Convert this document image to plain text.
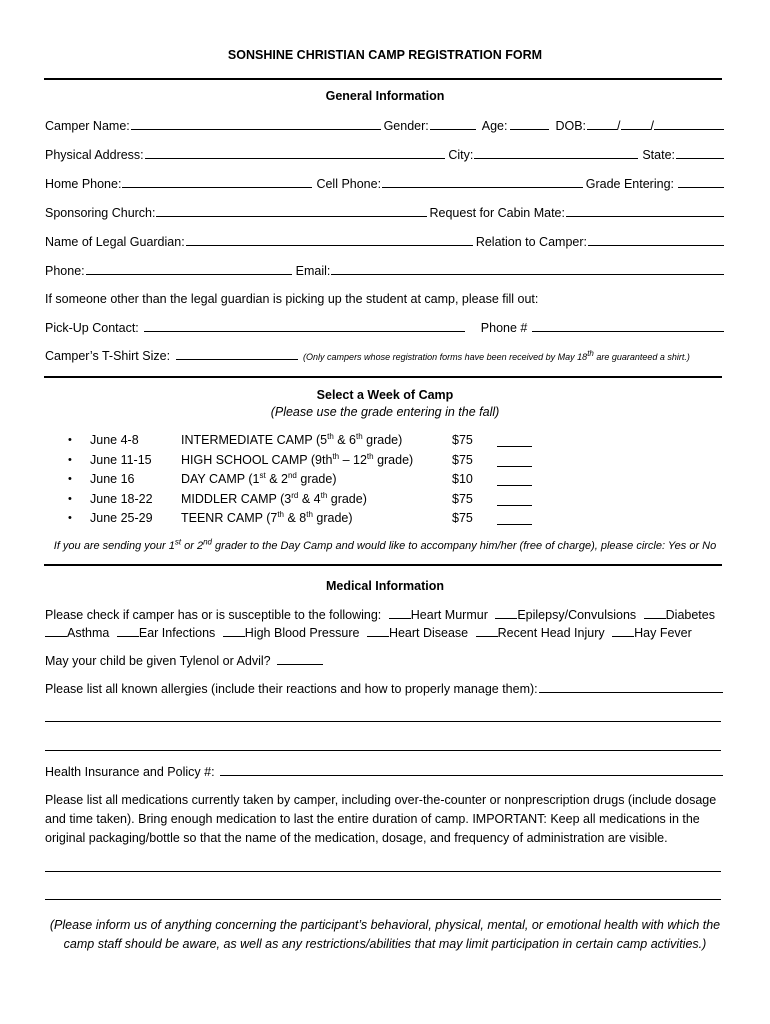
SONSHINE CHRISTIAN CAMP REGISTRATION FORM
General Information
Camper Name:	Gender:	Age:	DOB: / /
Physical Address:	City:	State:
Home Phone:	Cell Phone:	Grade Entering:
Sponsoring Church:	Request for Cabin Mate:
Name of Legal Guardian:	Relation to Camper:
Phone:	Email:
If someone other than the legal guardian is picking up the student at camp, please fill out:
Pick-Up Contact:	Phone #
Camper’s T-Shirt Size:	(Only campers whose registration forms have been received by May 18th are guaranteed a shirt.)
Select a Week of Camp
(Please use the grade entering in the fall)
• June 4-8	INTERMEDIATE CAMP (5th & 6th grade)	$75
• June 11-15 HIGH SCHOOL CAMP ($9th^{th} - 12th$ grade)	$75
• June 16	DAY CAMP (1st & 2nd grade)	$10
• June 18-22 MIDDLER CAMP (3rd & 4th grade)	$75
• June 25-29 TEENR CAMP (7th & 8th grade)	$75
If you are sending your 1st or 2nd grader to the Day Camp and would like to accompany him/her (free of charge), please circle: Yes or No
Medical Information
Please check if camper has or is susceptible to the following: Heart Murmur Epilepsy/Convulsions Diabetes
Asthma Ear Infections High Blood Pressure Heart Disease Recent Head Injury Hay Fever
May your child be given Tylenol or Advil?
Please list all known allergies (include their reactions and how to properly manage them):
Health Insurance and Policy #:
Please list all medications currently taken by camper, including over-the-counter or nonprescription drugs (include dosage and time taken). Bring enough medication to last the entire duration of camp. IMPORTANT: Keep all medications in the original packaging/bottle so that the name of the medication, dosage, and frequency of administration are visible.
(Please inform us of anything concerning the participant’s behavioral, physical, mental, or emotional health with which the camp staff should be aware, as well as any restrictions/abilities that may limit participation in certain camp activities.)
